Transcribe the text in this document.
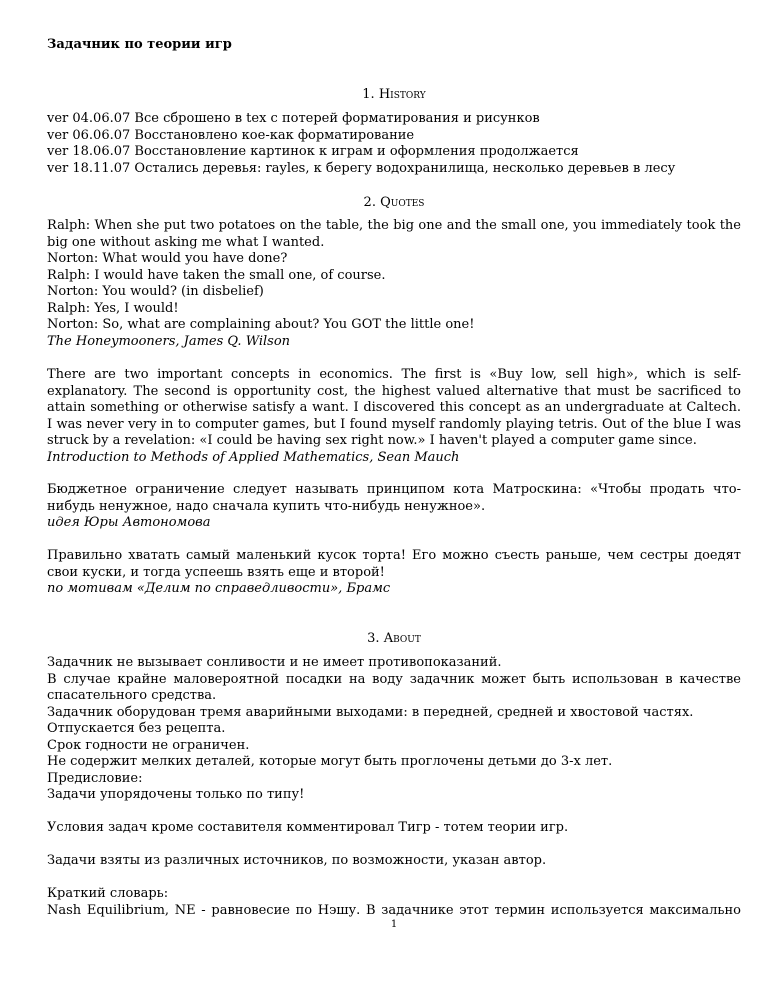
Задачник по теории игр
1. History
ver 04.06.07 Все сброшено в tex с потерей форматирования и рисунков
ver 06.06.07 Восстановлено кое-как форматирование
ver 18.06.07 Восстановление картинок к играм и оформления продолжается
ver 18.11.07 Остались деревья: rayles, к берегу водохранилища, несколько деревьев в лесу
2. Quotes
Ralph: When she put two potatoes on the table, the big one and the small one, you immediately took the big one without asking me what I wanted.
Norton: What would you have done?
Ralph: I would have taken the small one, of course.
Norton: You would? (in disbelief)
Ralph: Yes, I would!
Norton: So, what are complaining about? You GOT the little one!
The Honeymooners, James Q. Wilson
There are two important concepts in economics. The first is «Buy low, sell high», which is self-explanatory. The second is opportunity cost, the highest valued alternative that must be sacrificed to attain something or otherwise satisfy a want. I discovered this concept as an undergraduate at Caltech. I was never very in to computer games, but I found myself randomly playing tetris. Out of the blue I was struck by a revelation: «I could be having sex right now.» I haven't played a computer game since.
Introduction to Methods of Applied Mathematics, Sean Mauch
Бюджетное ограничение следует называть принципом кота Матроскина: «Чтобы продать что-нибудь ненужное, надо сначала купить что-нибудь ненужное».
идея Юры Автономова
Правильно хватать самый маленький кусок торта! Его можно съесть раньше, чем сестры доедят свои куски, и тогда успеешь взять еще и второй!
по мотивам «Делим по справедливости», Брамс
3. About
Задачник не вызывает сонливости и не имеет противопоказаний.
В случае крайне маловероятной посадки на воду задачник может быть использован в качестве спасательного средства.
Задачник оборудован тремя аварийными выходами: в передней, средней и хвостовой частях.
Отпускается без рецепта.
Срок годности не ограничен.
Не содержит мелких деталей, которые могут быть проглочены детьми до 3-х лет.
Предисловие:
Задачи упорядочены только по типу!
Условия задач кроме составителя комментировал Тигр - тотем теории игр.
Задачи взяты из различных источников, по возможности, указан автор.
Краткий словарь:
Nash Equilibrium, NE - равновесие по Нэшу. В задачнике этот термин используется максимально
1
